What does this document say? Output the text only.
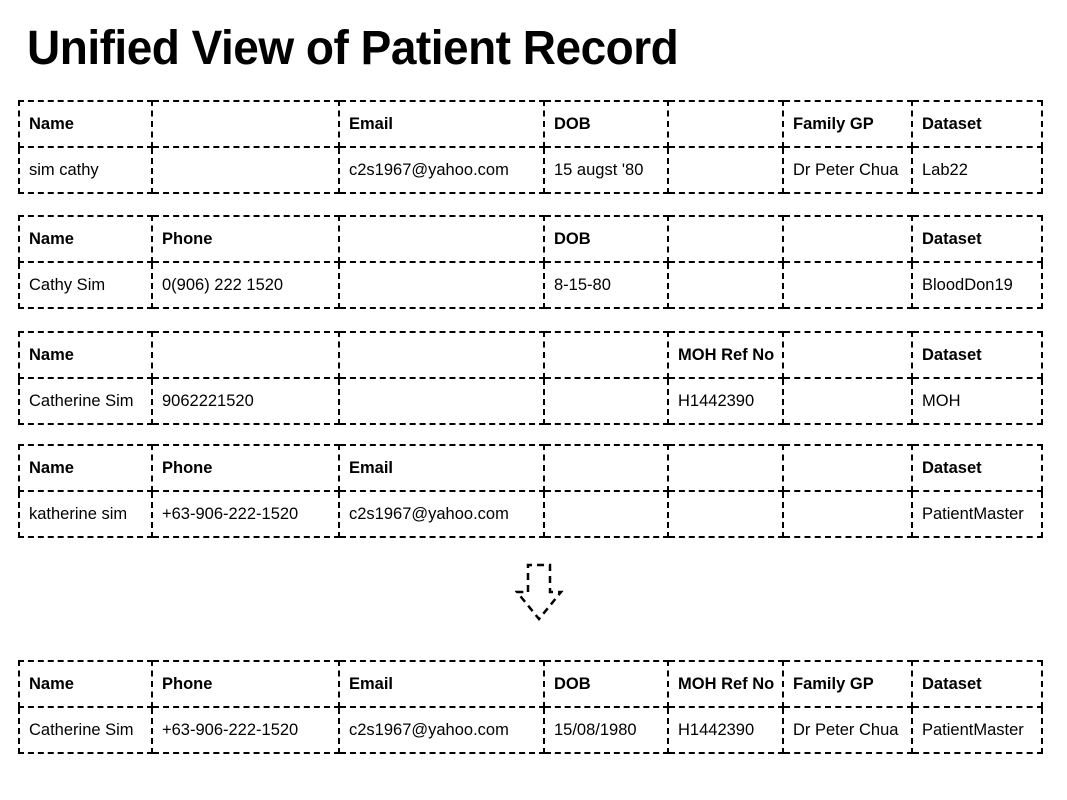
Unified View of Patient Record
Name		Email	DOB		Family GP	Dataset
sim cathy		c2s1967@yahoo.com	15 augst '80		Dr Peter Chua	Lab22
Name	Phone		DOB			Dataset
Cathy Sim	0(906) 222 1520		8-15-80			BloodDon19
Name				MOH Ref No		Dataset
Catherine Sim	9062221520			H1442390		MOH
Name	Phone	Email				Dataset
katherine sim	+63-906-222-1520	c2s1967@yahoo.com				PatientMaster
Name	Phone	Email	DOB	MOH Ref No	Family GP	Dataset
Catherine Sim	+63-906-222-1520	c2s1967@yahoo.com	15/08/1980	H1442390	Dr Peter Chua	PatientMaster
